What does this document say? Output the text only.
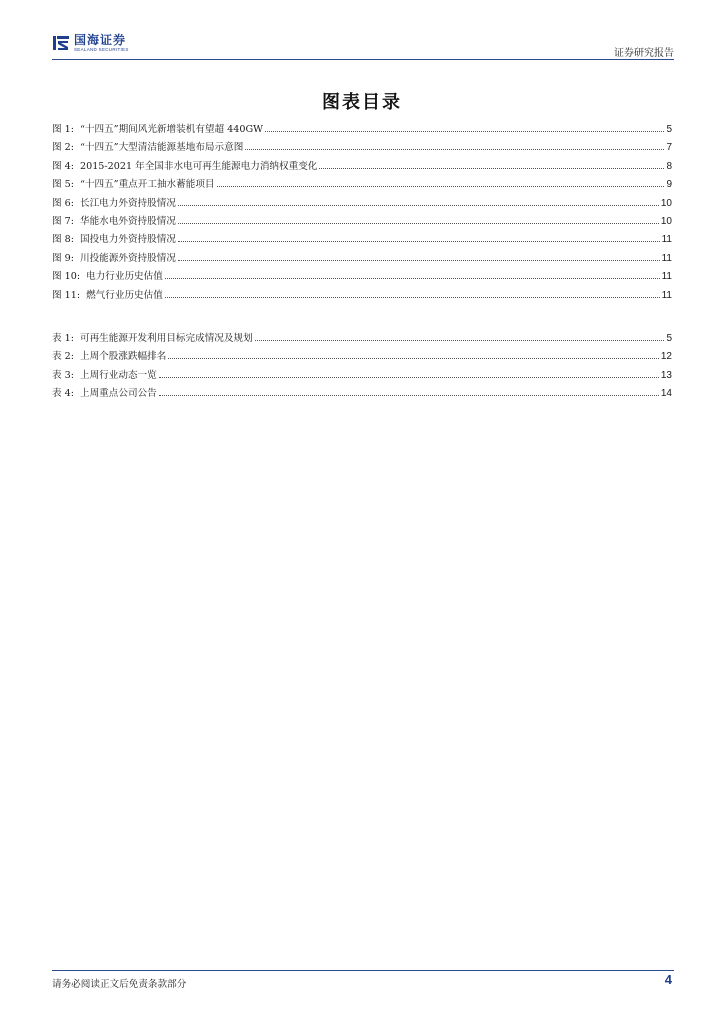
国海证券
SEALAND SECURITIES	证券研究报告
图表目录
图 1: “十四五”期间风光新增装机有望超 440GW	5
图 2: “十四五”大型清洁能源基地布局示意图	7
图 4: 2015-2021 年全国非水电可再生能源电力消纳权重变化	8
图 5: “十四五”重点开工抽水蓄能项目	9
图 6: 长江电力外资持股情况	10
图 7: 华能水电外资持股情况	10
图 8: 国投电力外资持股情况	11
图 9: 川投能源外资持股情况	11
图 10: 电力行业历史估值	11
图 11: 燃气行业历史估值	11
表 1: 可再生能源开发利用目标完成情况及规划	5
表 2: 上周个股涨跌幅排名	12
表 3: 上周行业动态一览	13
表 4: 上周重点公司公告	14
请务必阅读正文后免责条款部分	4
